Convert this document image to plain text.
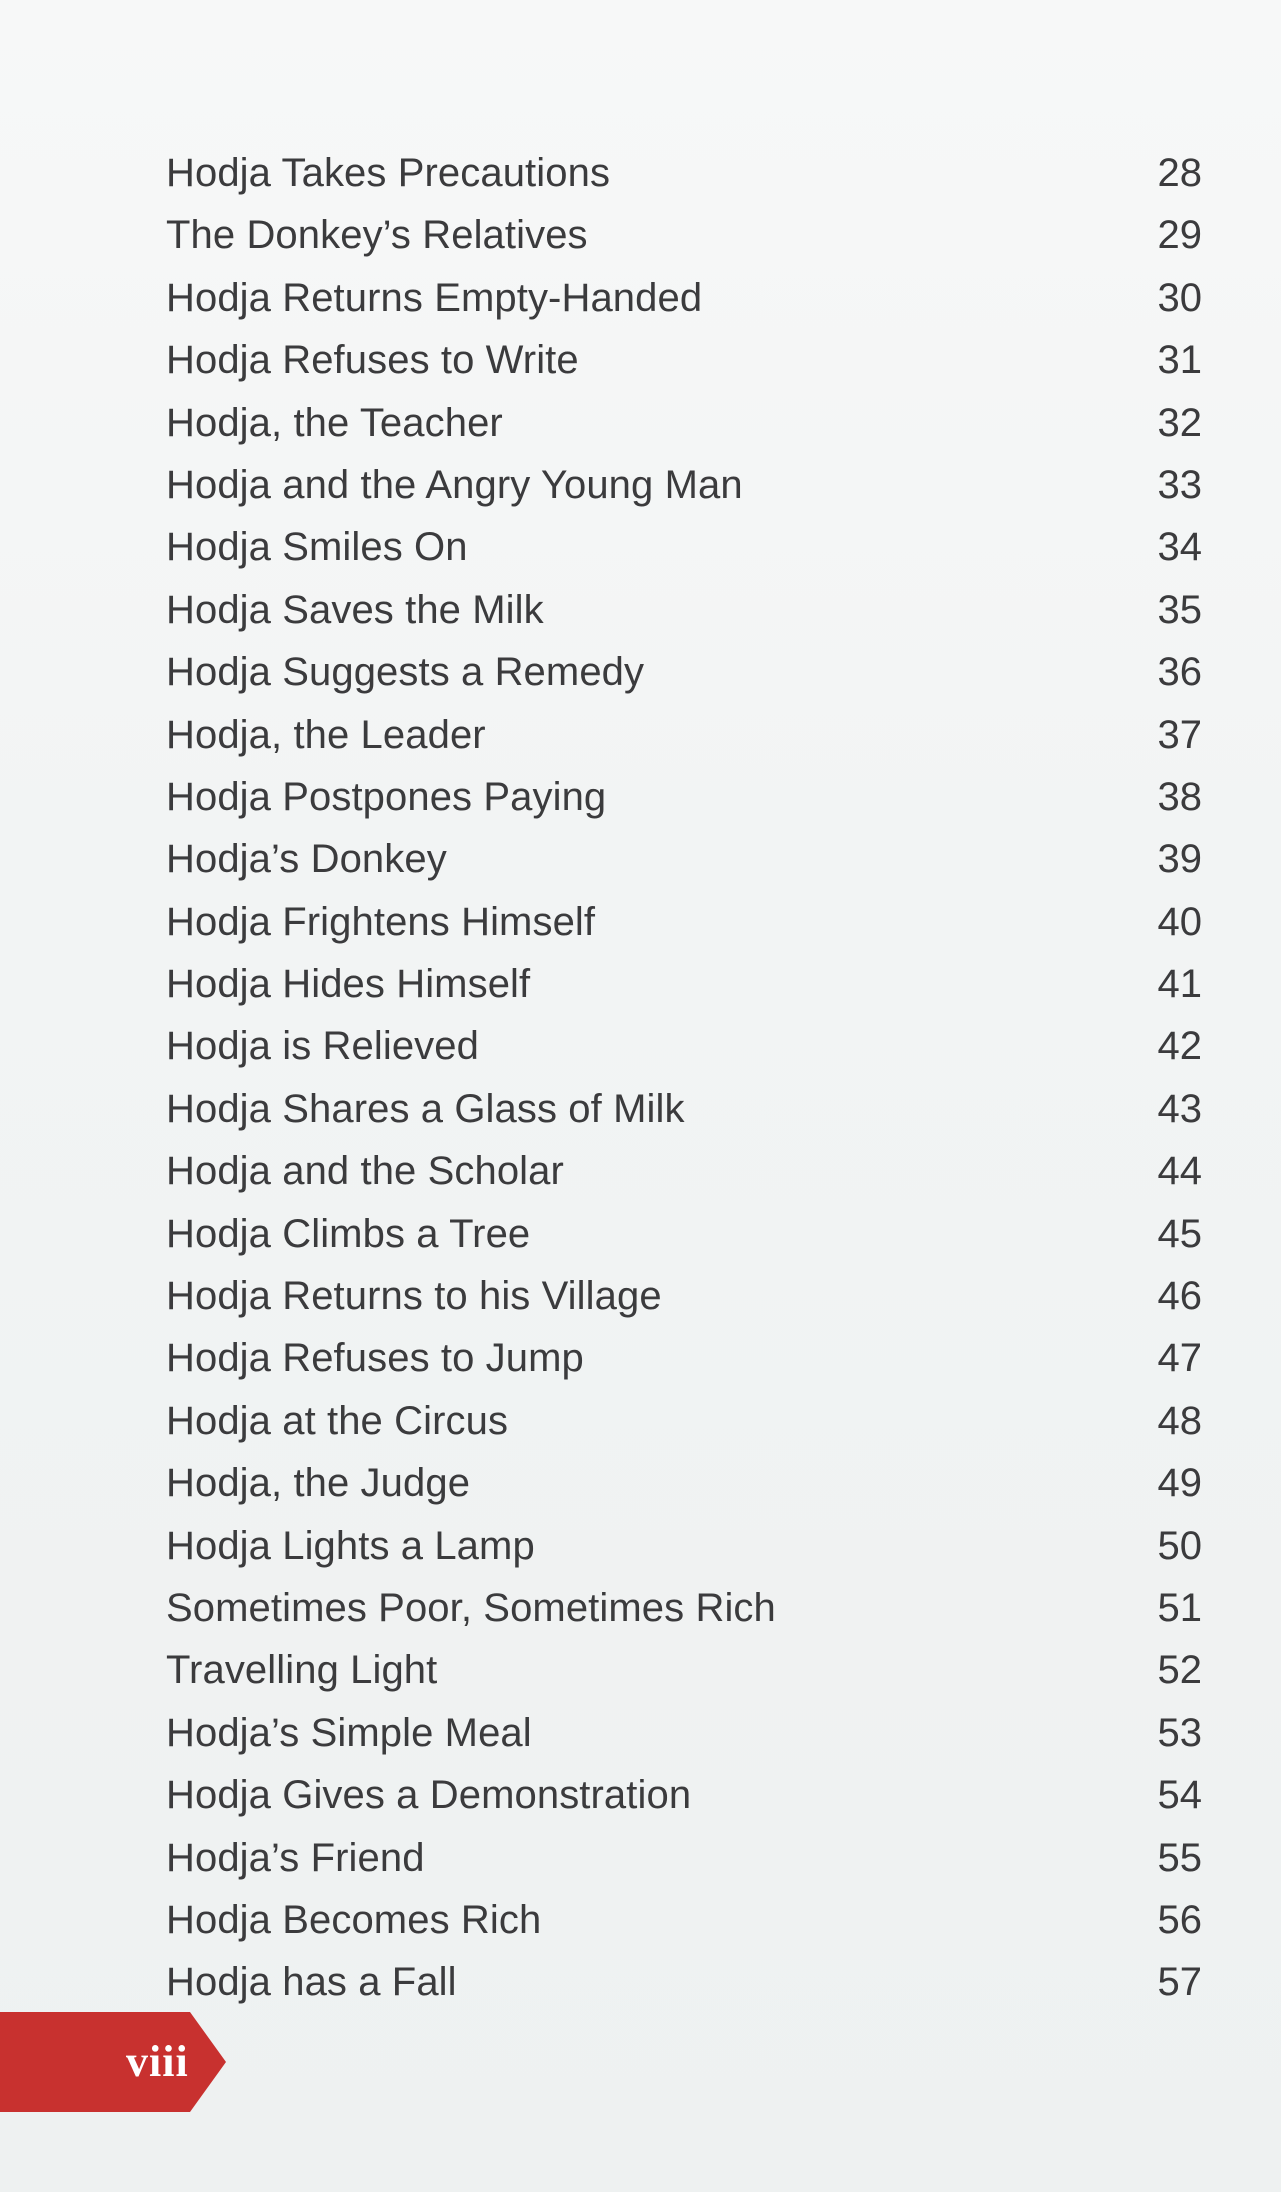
Hodja Takes Precautions	28
The Donkey’s Relatives	29
Hodja Returns Empty-Handed	30
Hodja Refuses to Write	31
Hodja, the Teacher	32
Hodja and the Angry Young Man	33
Hodja Smiles On	34
Hodja Saves the Milk	35
Hodja Suggests a Remedy	36
Hodja, the Leader	37
Hodja Postpones Paying	38
Hodja’s Donkey	39
Hodja Frightens Himself	40
Hodja Hides Himself	41
Hodja is Relieved	42
Hodja Shares a Glass of Milk	43
Hodja and the Scholar	44
Hodja Climbs a Tree	45
Hodja Returns to his Village	46
Hodja Refuses to Jump	47
Hodja at the Circus	48
Hodja, the Judge	49
Hodja Lights a Lamp	50
Sometimes Poor, Sometimes Rich	51
Travelling Light	52
Hodja’s Simple Meal	53
Hodja Gives a Demonstration	54
Hodja’s Friend	55
Hodja Becomes Rich	56
Hodja has a Fall	57
viii
